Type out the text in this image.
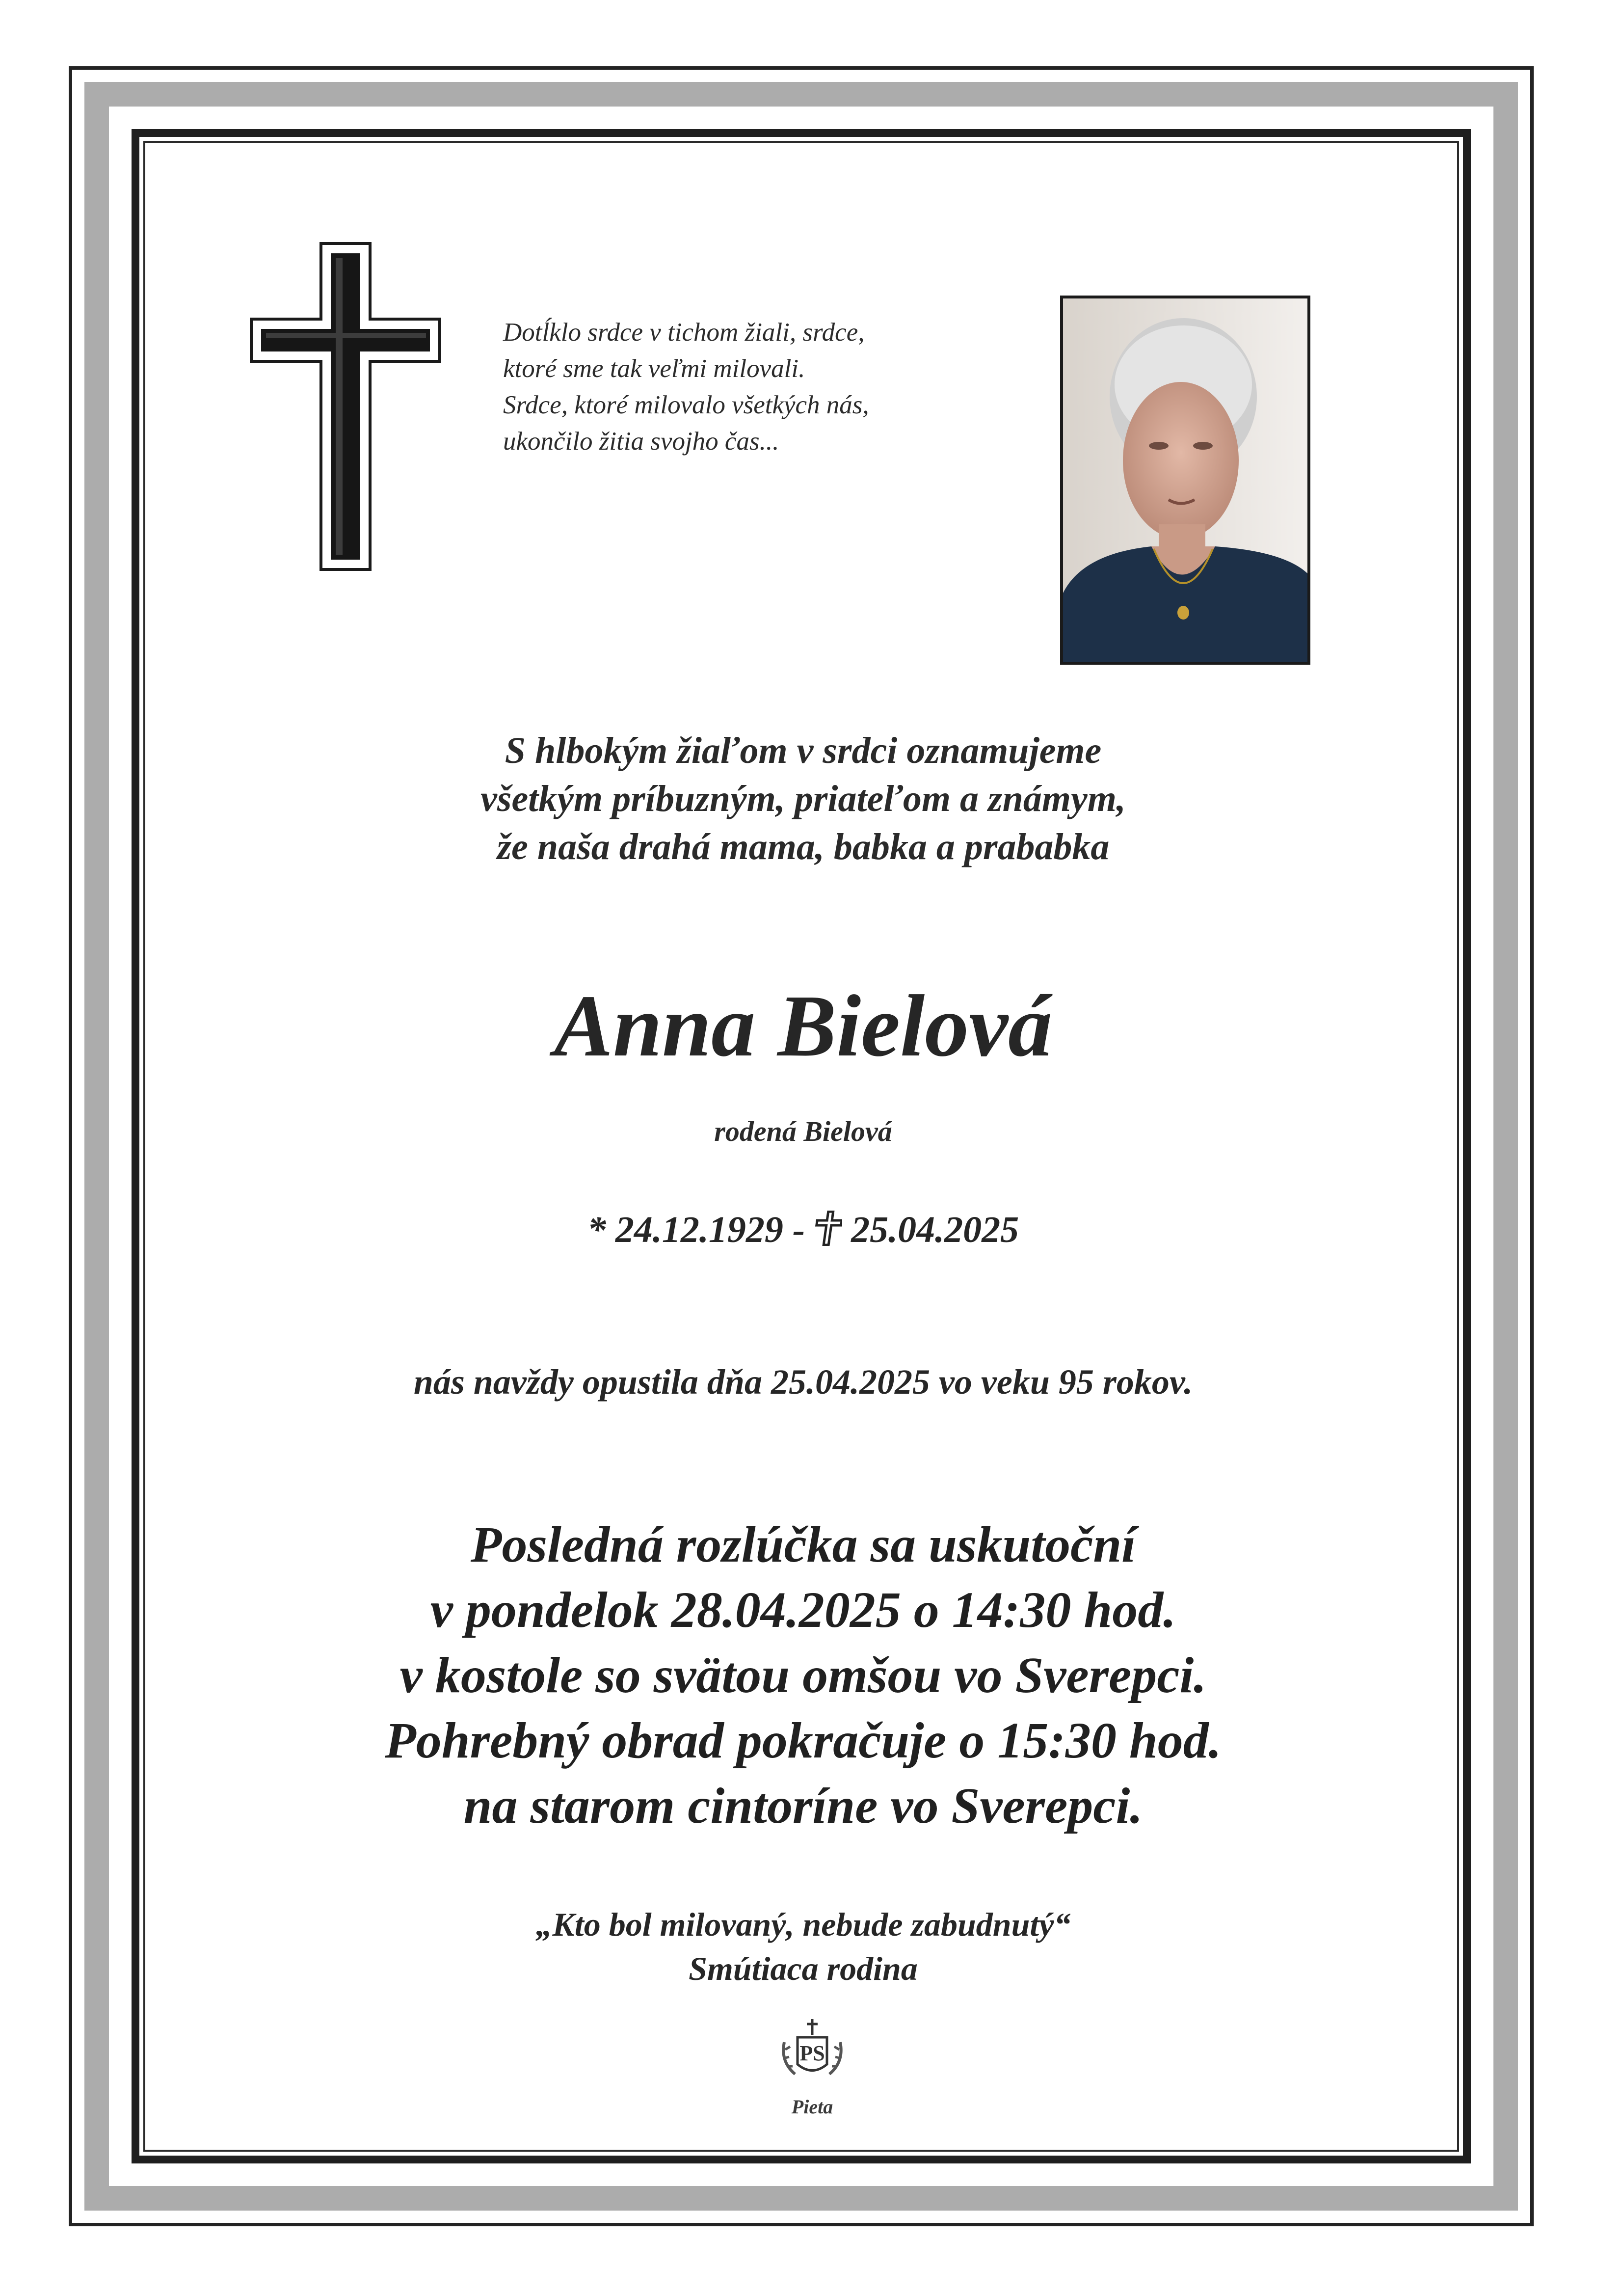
Dotĺklo srdce v tichom žiali, srdce,
ktoré sme tak veľmi milovali.
Srdce, ktoré milovalo všetkých nás,
ukončilo žitia svojho čas...
S hlbokým žiaľom v srdci oznamujeme
všetkým príbuzným, priateľom a známym,
že naša drahá mama, babka a prababka
Anna Bielová
rodená Bielová
* 24.12.1929 - 25.04.2025
nás navždy opustila dňa 25.04.2025 vo veku 95 rokov.
Posledná rozlúčka sa uskutoční
v pondelok 28.04.2025 o 14:30 hod.
v kostole so svätou omšou vo Sverepci.
Pohrebný obrad pokračuje o 15:30 hod.
na starom cintoríne vo Sverepci.
„Kto bol milovaný, nebude zabudnutý“
Smútiaca rodina
PS
Pieta
